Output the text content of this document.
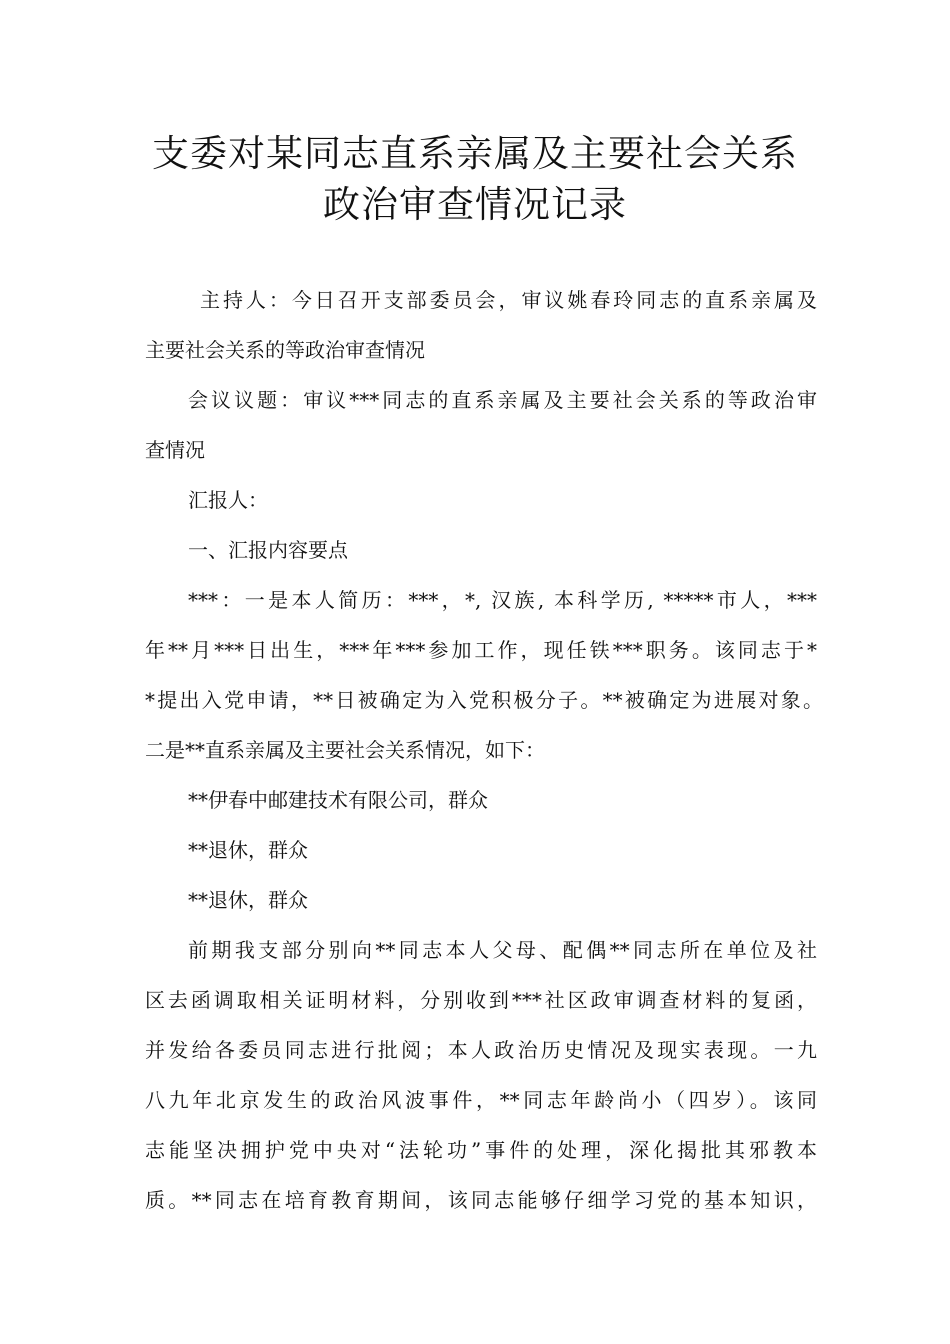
支委对某同志直系亲属及主要社会关系
政治审查情况记录
主持人：今日召开支部委员会，审议姚春玲同志的直系亲属及
主要社会关系的等政治审查情况
会议议题：审议***同志的直系亲属及主要社会关系的等政治审
查情况
汇报人：
一、汇报内容要点
***：一是本人简历：***，*, 汉族, 本科学历, *****市人，***
年**月***日出生，***年***参加工作，现任铁***职务。该同志于*
*提出入党申请，**日被确定为入党积极分子。**被确定为进展对象。
二是**直系亲属及主要社会关系情况，如下：
**伊春中邮建技术有限公司，群众
**退休，群众
**退休，群众
前期我支部分别向**同志本人父母、配偶**同志所在单位及社
区去函调取相关证明材料，分别收到***社区政审调查材料的复函，
并发给各委员同志进行批阅；本人政治历史情况及现实表现。一九
八九年北京发生的政治风波事件，**同志年龄尚小（四岁）。该同
志能坚决拥护党中央对“法轮功”事件的处理，深化揭批其邪教本
质。**同志在培育教育期间，该同志能够仔细学习党的基本知识，
